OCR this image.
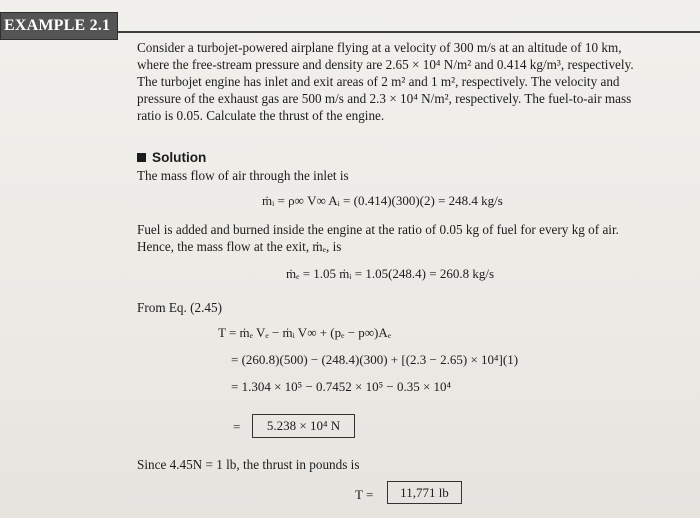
EXAMPLE 2.1
Consider a turbojet-powered airplane flying at a velocity of 300 m/s at an altitude of 10 km,
where the free-stream pressure and density are 2.65 × 10⁴ N/m² and 0.414 kg/m³, respectively.
The turbojet engine has inlet and exit areas of 2 m² and 1 m², respectively. The velocity and
pressure of the exhaust gas are 500 m/s and 2.3 × 10⁴ N/m², respectively. The fuel-to-air mass
ratio is 0.05. Calculate the thrust of the engine.
Solution
The mass flow of air through the inlet is
ṁᵢ = ρ∞ V∞ Aᵢ = (0.414)(300)(2) = 248.4 kg/s
Fuel is added and burned inside the engine at the ratio of 0.05 kg of fuel for every kg of air.
Hence, the mass flow at the exit, ṁₑ, is
ṁₑ = 1.05 ṁᵢ = 1.05(248.4) = 260.8 kg/s
From Eq. (2.45)
T = ṁₑ Vₑ − ṁᵢ V∞ + (pₑ − p∞)Aₑ
= (260.8)(500) − (248.4)(300) + [(2.3 − 2.65) × 10⁴](1)
= 1.304 × 10⁵ − 0.7452 × 10⁵ − 0.35 × 10⁴
=	5.238 × 10⁴ N
Since 4.45N = 1 lb, the thrust in pounds is
T =	11,771 lb
